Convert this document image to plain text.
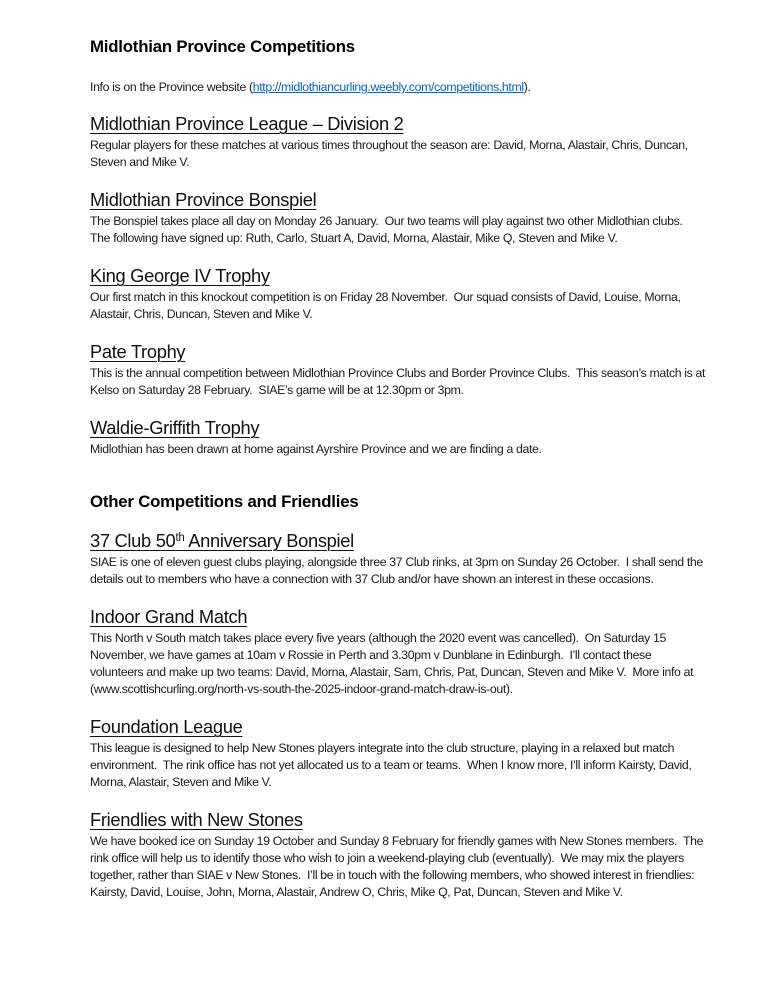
Midlothian Province Competitions

Info is on the Province website (http://midlothiancurling.weebly.com/competitions.html).

Midlothian Province League – Division 2

Regular players for these matches at various times throughout the season are: David, Morna, Alastair, Chris, Duncan, Steven and Mike V.

Midlothian Province Bonspiel

The Bonspiel takes place all day on Monday 26 January.  Our two teams will play against two other Midlothian clubs.  The following have signed up: Ruth, Carlo, Stuart A, David, Morna, Alastair, Mike Q, Steven and Mike V.

King George IV Trophy

Our first match in this knockout competition is on Friday 28 November.  Our squad consists of David, Louise, Morna, Alastair, Chris, Duncan, Steven and Mike V.

Pate Trophy

This is the annual competition between Midlothian Province Clubs and Border Province Clubs.  This season’s match is at Kelso on Saturday 28 February.  SIAE’s game will be at 12.30pm or 3pm.

Waldie-Griffith Trophy

Midlothian has been drawn at home against Ayrshire Province and we are finding a date.

Other Competitions and Friendlies
37 Club 50th Anniversary Bonspiel

SIAE is one of eleven guest clubs playing, alongside three 37 Club rinks, at 3pm on Sunday 26 October.  I shall send the details out to members who have a connection with 37 Club and/or have shown an interest in these occasions.

Indoor Grand Match

This North v South match takes place every five years (although the 2020 event was cancelled).  On Saturday 15 November, we have games at 10am v Rossie in Perth and 3.30pm v Dunblane in Edinburgh.  I’ll contact these volunteers and make up two teams: David, Morna, Alastair, Sam, Chris, Pat, Duncan, Steven and Mike V.  More info at (www.scottishcurling.org/north-vs-south-the-2025-indoor-grand-match-draw-is-out).

Foundation League

This league is designed to help New Stones players integrate into the club structure, playing in a relaxed but match environment.  The rink office has not yet allocated us to a team or teams.  When I know more, I’ll inform Kairsty, David, Morna, Alastair, Steven and Mike V.

Friendlies with New Stones

We have booked ice on Sunday 19 October and Sunday 8 February for friendly games with New Stones members.  The rink office will help us to identify those who wish to join a weekend-playing club (eventually).  We may mix the players together, rather than SIAE v New Stones.  I’ll be in touch with the following members, who showed interest in friendlies: Kairsty, David, Louise, John, Morna, Alastair, Andrew O, Chris, Mike Q, Pat, Duncan, Steven and Mike V.
